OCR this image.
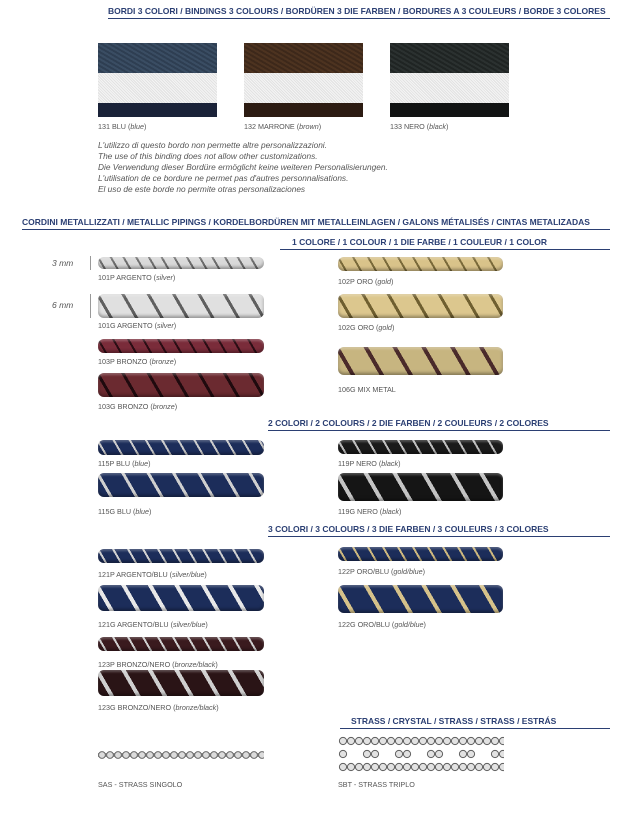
BORDI 3 COLORI / BINDINGS 3 COLOURS / BORDÜREN 3 DIE FARBEN / BORDURES A 3 COULEURS / BORDE 3 COLORES
131 BLU (blue)	132 MARRONE (brown)	133 NERO (black)
L'utilizzo di questo bordo non permette altre personalizzazioni.
The use of this binding does not allow other customizations.
Die Verwendung dieser Bordüre ermöglicht keine weiteren Personalisierungen.
L'utilisation de ce bordure ne permet pas d'autres personnalisations.
El uso de este borde no permite otras personalizaciones
CORDINI METALLIZZATI / METALLIC PIPINGS / KORDELBORDÜREN MIT METALLEINLAGEN / GALONS MÉTALISÉS / CINTAS METALIZADAS
1 COLORE / 1 COLOUR / 1 DIE FARBE / 1 COULEUR / 1 COLOR
3 mm
6 mm
101P ARGENTO (silver)
101G ARGENTO (silver)
103P BRONZO (bronze)
103G BRONZO (bronze)
102P ORO (gold)
102G ORO (gold)
106G MIX METAL
2 COLORI / 2 COLOURS / 2 DIE FARBEN / 2 COULEURS / 2 COLORES
115P BLU (blue)
115G BLU (blue)
119P NERO (black)
119G NERO (black)
3 COLORI / 3 COLOURS / 3 DIE FARBEN / 3 COULEURS / 3 COLORES
121P ARGENTO/BLU (silver/blue)
121G ARGENTO/BLU (silver/blue)
123P BRONZO/NERO (bronze/black)
123G BRONZO/NERO (bronze/black)
122P ORO/BLU (gold/blue)
122G ORO/BLU (gold/blue)
STRASS / CRYSTAL / STRASS / STRASS / ESTRÁS
SAS - STRASS SINGOLO	SBT - STRASS TRIPLO
